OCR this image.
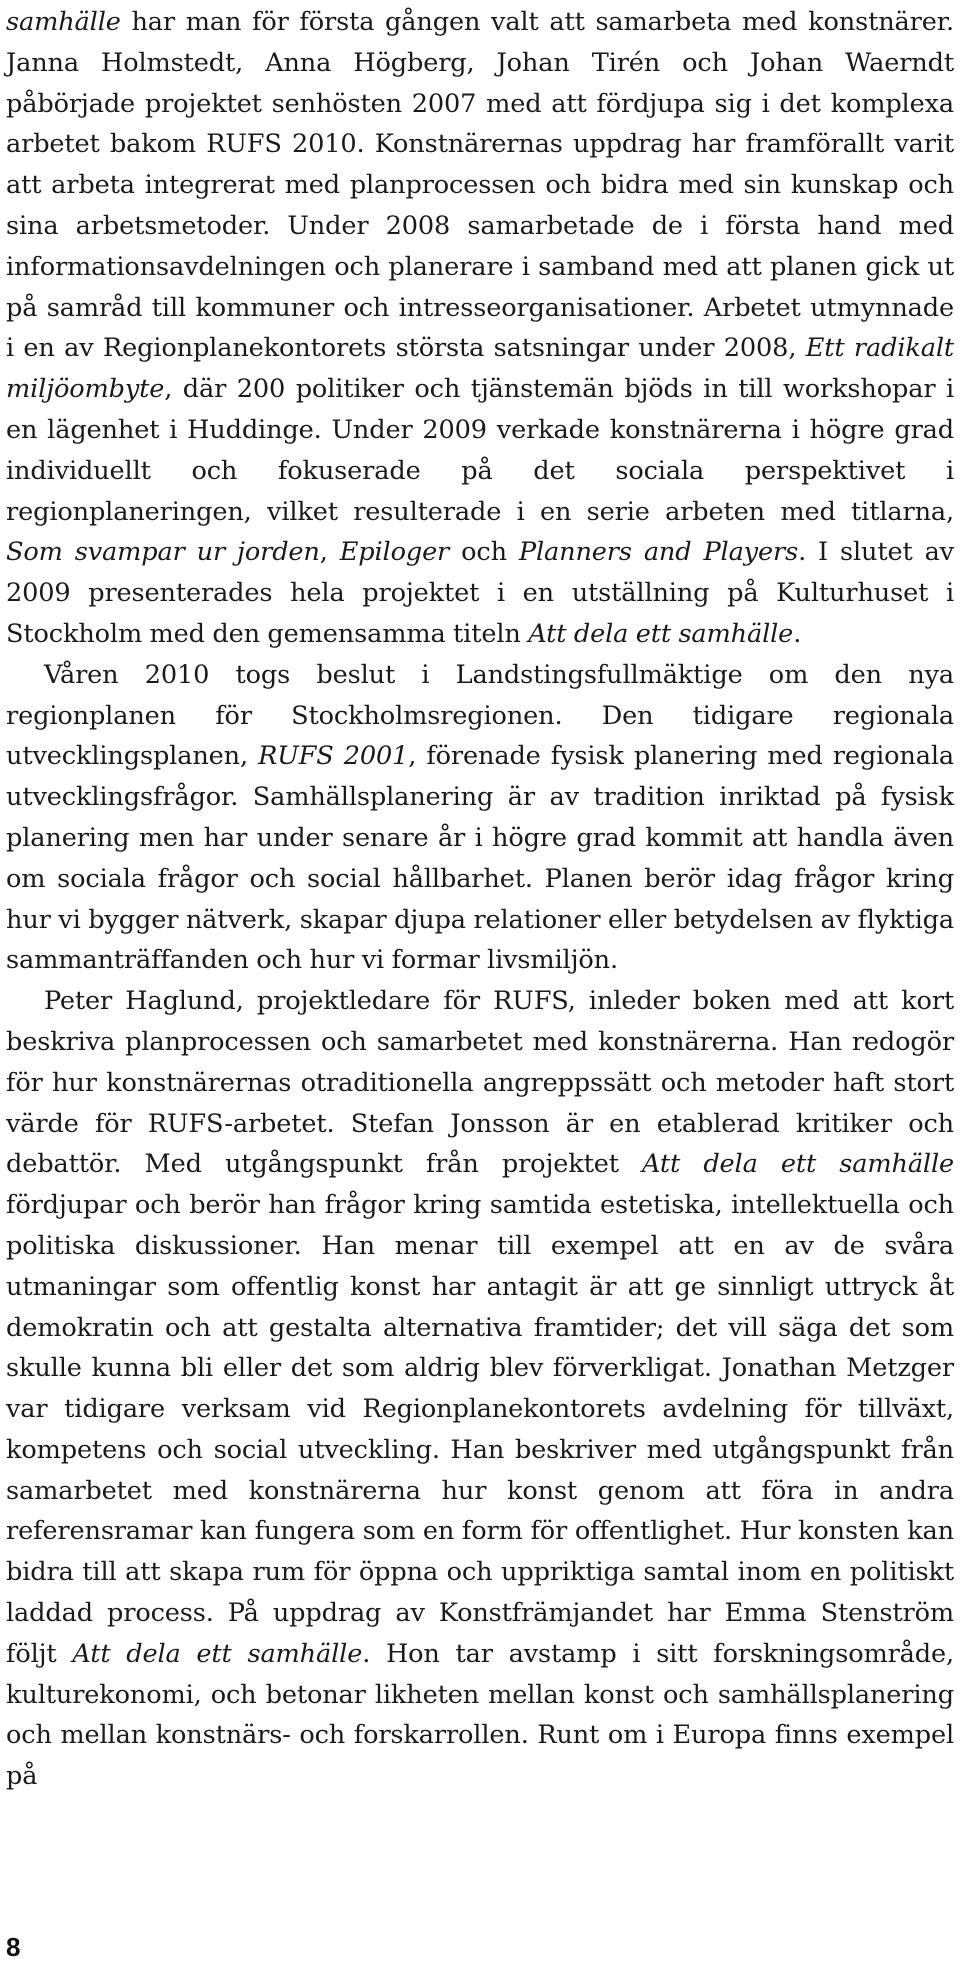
samhälle har man för första gången valt att samarbeta med konstnärer. Janna Holmstedt, Anna Högberg, Johan Tirén och Johan Waerndt påbörjade projektet senhösten 2007 med att fördjupa sig i det komplexa arbetet bakom RUFS 2010. Konstnärernas uppdrag har framförallt varit att arbeta integrerat med planprocessen och bidra med sin kunskap och sina arbetsmetoder. Under 2008 samarbetade de i första hand med informationsavdelningen och planerare i samband med att planen gick ut på samråd till kommuner och intresseorganisationer. Arbetet utmynnade i en av Regionplanekontorets största satsningar under 2008, Ett radikalt miljöombyte, där 200 politiker och tjänstemän bjöds in till workshopar i en lägenhet i Huddinge. Under 2009 verkade konstnärerna i högre grad individuellt och fokuserade på det sociala perspektivet i regionplaneringen, vilket resulterade i en serie arbeten med titlarna, Som svampar ur jorden, Epiloger och Planners and Players. I slutet av 2009 presenterades hela projektet i en utställning på Kulturhuset i Stockholm med den gemensamma titeln Att dela ett samhälle.

Våren 2010 togs beslut i Landstingsfullmäktige om den nya regionplanen för Stockholmsregionen. Den tidigare regionala utvecklingsplanen, RUFS 2001, förenade fysisk planering med regionala utvecklingsfrågor. Samhällsplanering är av tradition inriktad på fysisk planering men har under senare år i högre grad kommit att handla även om sociala frågor och social hållbarhet. Planen berör idag frågor kring hur vi bygger nätverk, skapar djupa relationer eller betydelsen av flyktiga sammanträffanden och hur vi formar livsmiljön.

Peter Haglund, projektledare för RUFS, inleder boken med att kort beskriva planprocessen och samarbetet med konstnärerna. Han redogör för hur konstnärernas otraditionella angreppssätt och metoder haft stort värde för RUFS-arbetet. Stefan Jonsson är en etablerad kritiker och debattör. Med utgångspunkt från projektet Att dela ett samhälle fördjupar och berör han frågor kring samtida estetiska, intellektuella och politiska diskussioner. Han menar till exempel att en av de svåra utmaningar som offentlig konst har antagit är att ge sinnligt uttryck åt demokratin och att gestalta alternativa framtider; det vill säga det som skulle kunna bli eller det som aldrig blev förverkligat. Jonathan Metzger var tidigare verksam vid Regionplanekontorets avdelning för tillväxt, kompetens och social utveckling. Han beskriver med utgångspunkt från samarbetet med konstnärerna hur konst genom att föra in andra referensramar kan fungera som en form för offentlighet. Hur konsten kan bidra till att skapa rum för öppna och uppriktiga samtal inom en politiskt laddad process. På uppdrag av Konstfrämjandet har Emma Stenström följt Att dela ett samhälle. Hon tar avstamp i sitt forskningsområde, kulturekonomi, och betonar likheten mellan konst och samhällsplanering och mellan konstnärs- och forskarrollen. Runt om i Europa finns exempel på

8
